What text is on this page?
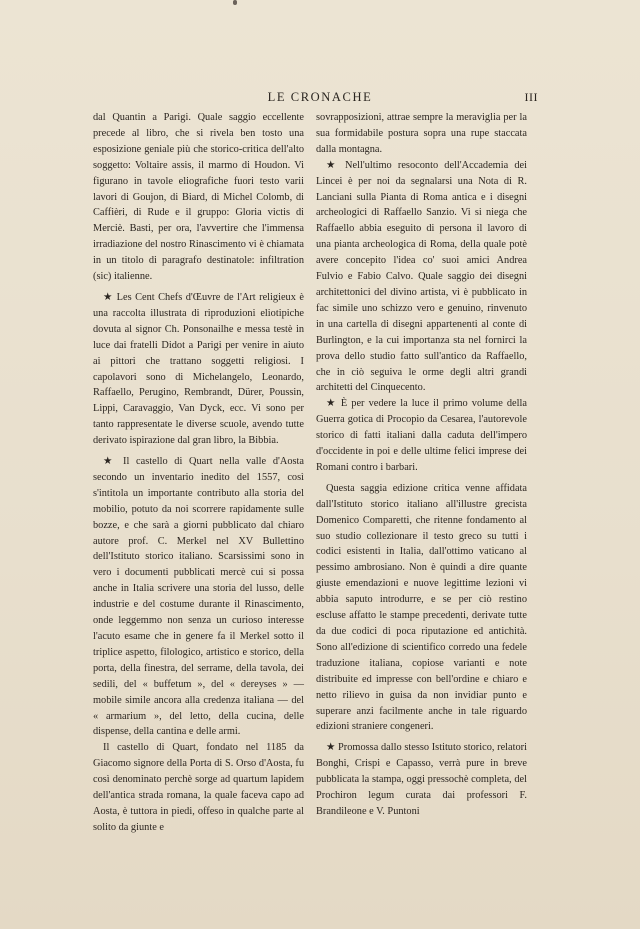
LE CRONACHE	III

dal Quantin a Parigi. Quale saggio eccellente precede al libro, che si rivela ben tosto una esposizione geniale più che storico-critica dell'alto soggetto: Voltaire assis, il marmo di Houdon. Vi figurano in tavole eliografiche fuori testo varii lavori di Goujon, di Biard, di Michel Colomb, di Caffièri, di Rude e il gruppo: Gloria victis di Merciè. Basti, per ora, l'avvertire che l'immensa irradiazione del nostro Rinascimento vi è chiamata in un titolo di paragrafo destinatole: infiltration (sic) italienne.

★ Les Cent Chefs d'Œuvre de l'Art religieux è una raccolta illustrata di riproduzioni eliotipiche dovuta al signor Ch. Ponsonailhe e messa testè in luce dai fratelli Didot a Parigi per venire in aiuto ai pittori che trattano soggetti religiosi. I capolavori sono di Michelangelo, Leonardo, Raffaello, Perugino, Rembrandt, Dürer, Poussin, Lippi, Caravaggio, Van Dyck, ecc. Vi sono per tanto rappresentate le diverse scuole, avendo tutte derivato ispirazione dal gran libro, la Bibbia.

★ Il castello di Quart nella valle d'Aosta secondo un inventario inedito del 1557, così s'intitola un importante contributo alla storia del mobilio, potuto da noi scorrere rapidamente sulle bozze, e che sarà a giorni pubblicato dal chiaro autore prof. C. Merkel nel XV Bullettino dell'Istituto storico italiano. Scarsissimi sono in vero i documenti pubblicati mercè cui si possa anche in Italia scrivere una storia del lusso, delle industrie e del costume durante il Rinascimento, onde leggemmo non senza un curioso interesse l'acuto esame che in genere fa il Merkel sotto il triplice aspetto, filologico, artistico e storico, della porta, della finestra, del serrame, della tavola, dei sedili, del « buffetum », del « dereyses » — mobile simile ancora alla credenza italiana — del « armarium », del letto, della cucina, delle dispense, della cantina e delle armi.

Il castello di Quart, fondato nel 1185 da Giacomo signore della Porta di S. Orso d'Aosta, fu così denominato perchè sorge ad quartum lapidem dell'antica strada romana, la quale faceva capo ad Aosta, è tuttora in piedi, offeso in qualche parte al solito da giunte e

sovrapposizioni, attrae sempre la meraviglia per la sua formidabile postura sopra una rupe staccata dalla montagna.

★ Nell'ultimo resoconto dell'Accademia dei Lincei è per noi da segnalarsi una Nota di R. Lanciani sulla Pianta di Roma antica e i disegni archeologici di Raffaello Sanzio. Vi si niega che Raffaello abbia eseguito di persona il lavoro di una pianta archeologica di Roma, della quale potè avere concepito l'idea co' suoi amici Andrea Fulvio e Fabio Calvo. Quale saggio dei disegni architettonici del divino artista, vi è pubblicato in fac simile uno schizzo vero e genuino, rinvenuto in una cartella di disegni appartenenti al conte di Burlington, e la cui importanza sta nel fornirci la prova dello studio fatto sull'antico da Raffaello, che in ciò seguiva le orme degli altri grandi architetti del Cinquecento.

★ È per vedere la luce il primo volume della Guerra gotica di Procopio da Cesarea, l'autorevole storico di fatti italiani dalla caduta dell'impero d'occidente in poi e delle ultime felici imprese dei Romani contro i barbari.

Questa saggia edizione critica venne affidata dall'Istituto storico italiano all'illustre grecista Domenico Comparetti, che ritenne fondamento al suo studio collezionare il testo greco su tutti i codici esistenti in Italia, dall'ottimo vaticano al pessimo ambrosiano. Non è quindi a dire quante giuste emendazioni e nuove legittime lezioni vi abbia saputo introdurre, e se per ciò restino escluse affatto le stampe precedenti, derivate tutte da due codici di poca riputazione ed antichità. Sono all'edizione di scientifico corredo una fedele traduzione italiana, copiose varianti e note distribuite ed impresse con bell'ordine e chiaro e netto rilievo in guisa da non invidiar punto e superare anzi facilmente anche in tale riguardo edizioni straniere congeneri.

★ Promossa dallo stesso Istituto storico, relatori Bonghi, Crispi e Capasso, verrà pure in breve pubblicata la stampa, oggi pressochè completa, del Prochiron legum curata dai professori F. Brandileone e V. Puntoni
